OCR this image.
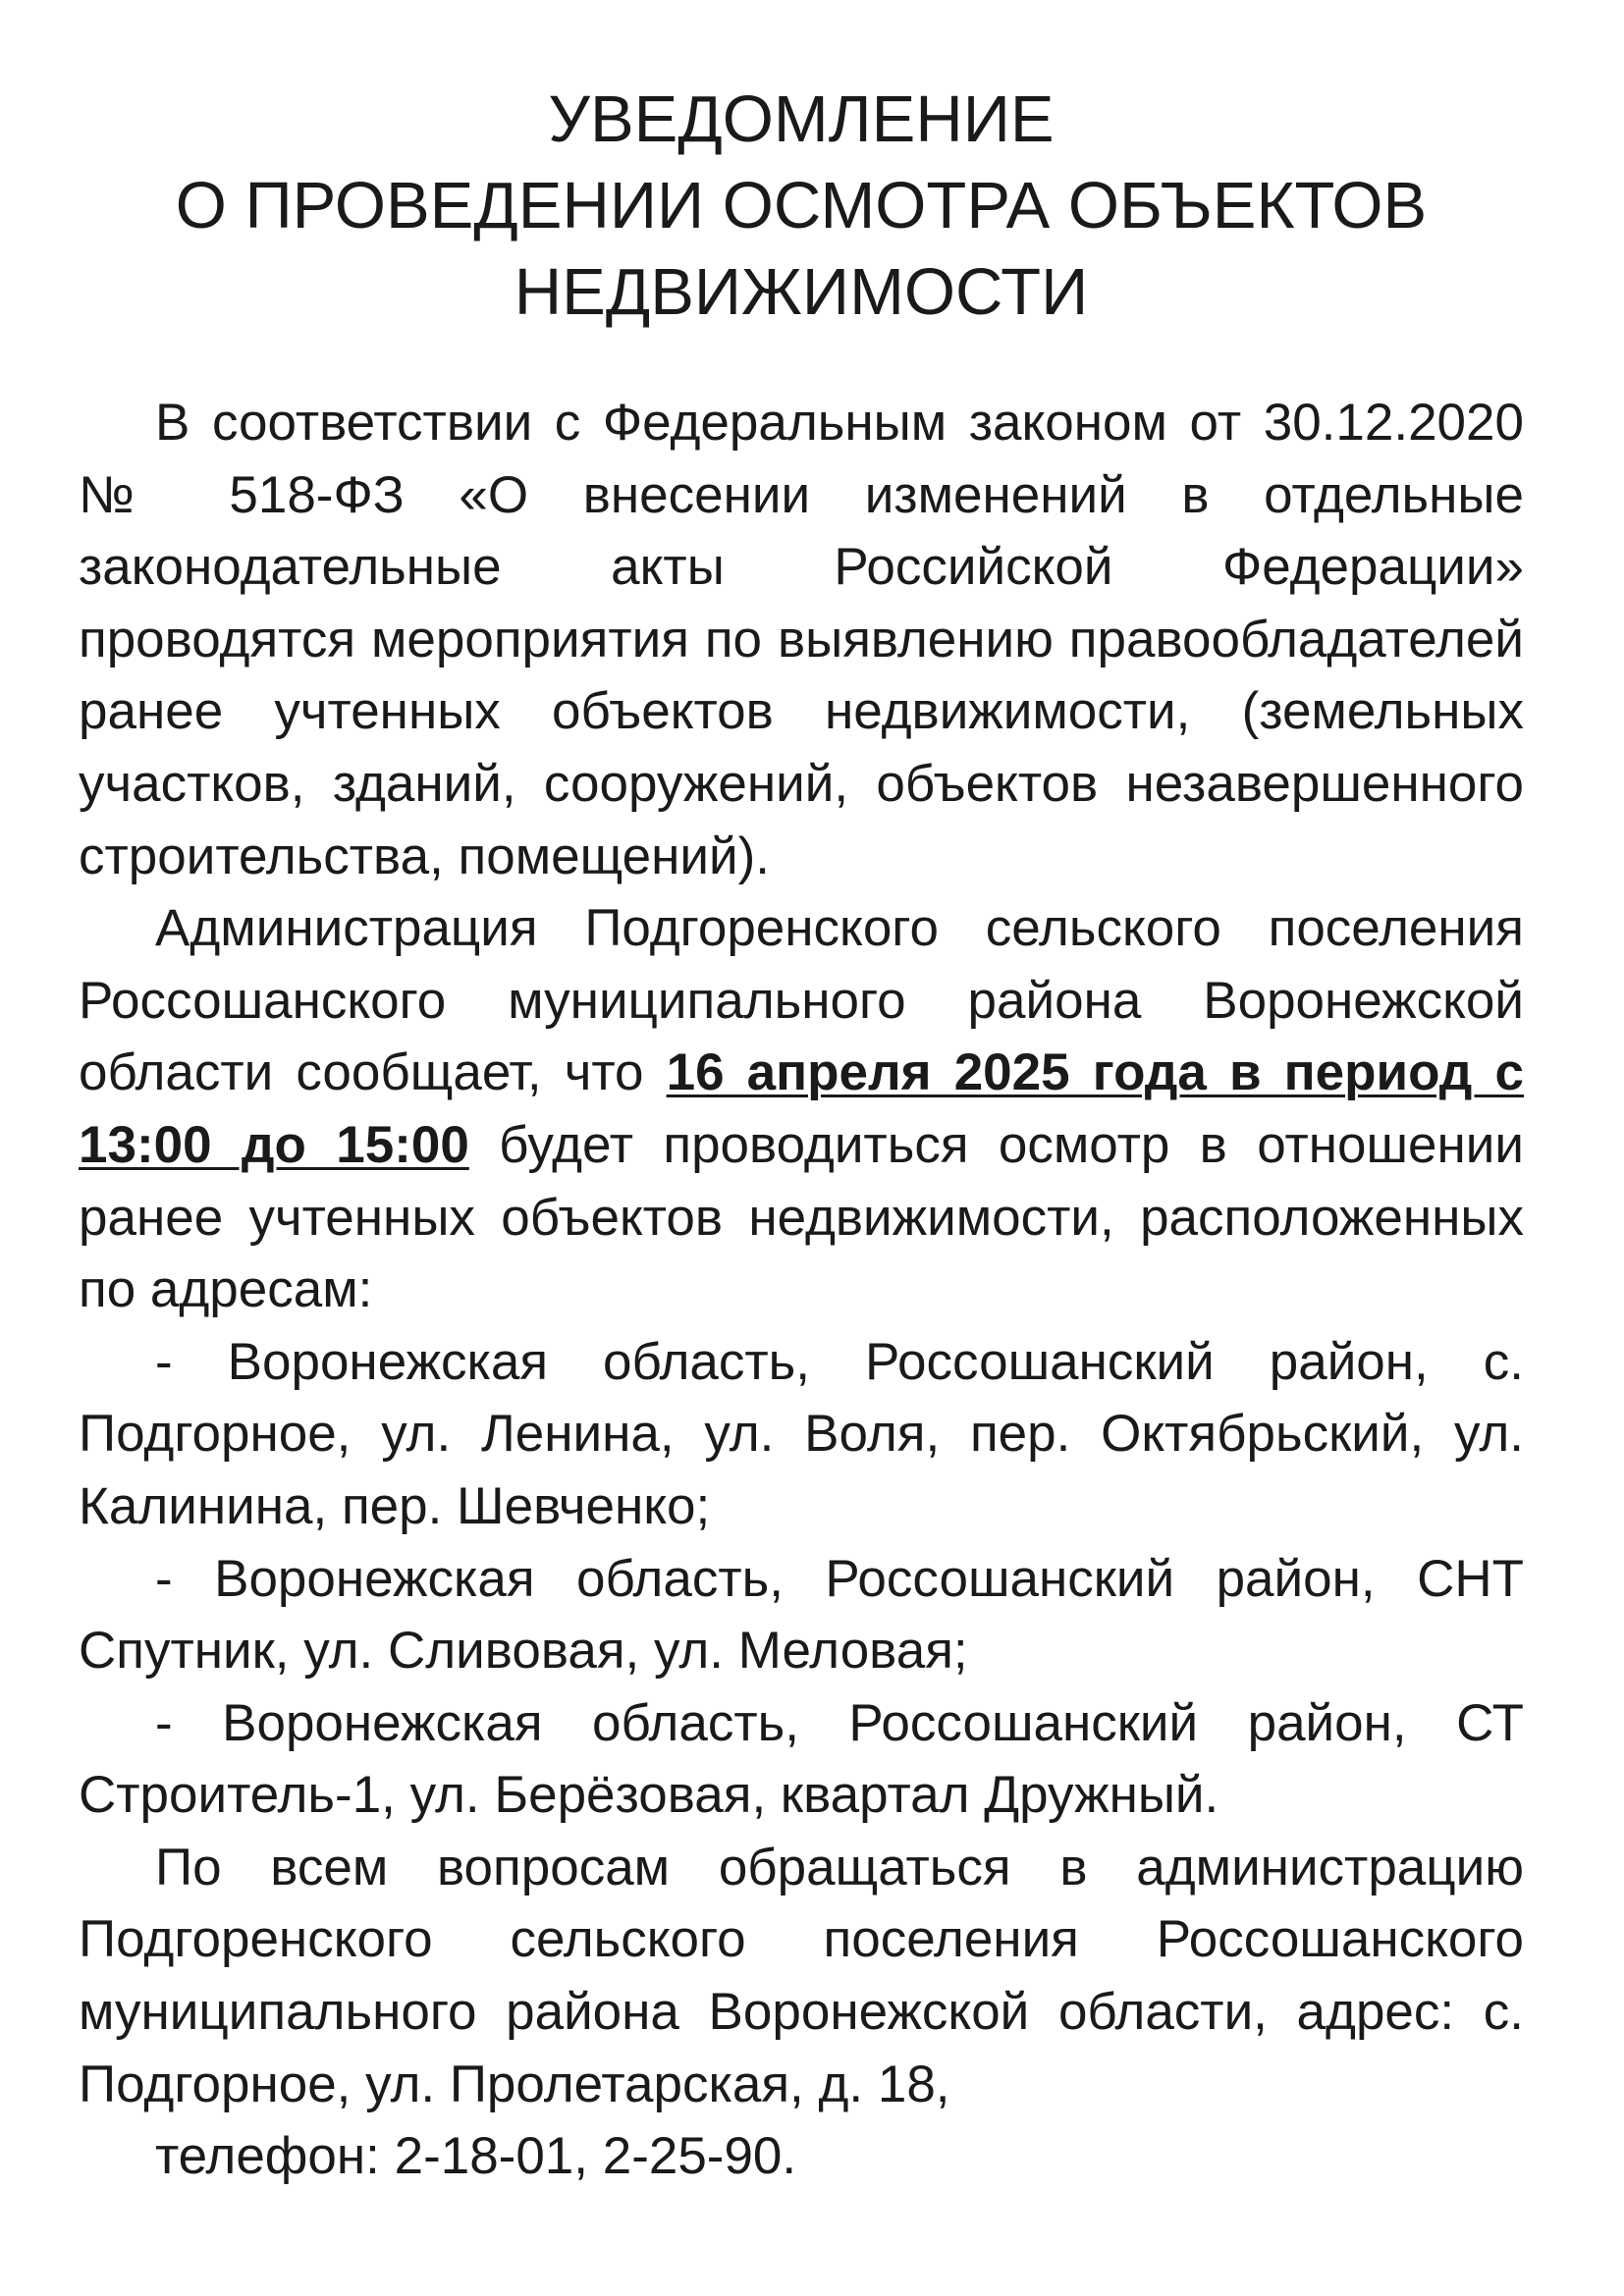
УВЕДОМЛЕНИЕ
О ПРОВЕДЕНИИ ОСМОТРА ОБЪЕКТОВ
НЕДВИЖИМОСТИ

В соответствии с Федеральным законом от 30.12.2020 № 518-ФЗ «О внесении изменений в отдельные законодательные акты Российской Федерации» проводятся мероприятия по выявлению правообладателей ранее учтенных объектов недвижимости, (земельных участков, зданий, сооружений, объектов незавершенного строительства, помещений).

Администрация Подгоренского сельского поселения Россошанского муниципального района Воронежской области сообщает, что 16 апреля 2025 года в период с 13:00 до 15:00 будет проводиться осмотр в отношении ранее учтенных объектов недвижимости, расположенных по адресам:

- Воронежская область, Россошанский район, с. Подгорное, ул. Ленина, ул. Воля, пер. Октябрьский, ул. Калинина, пер. Шевченко;

- Воронежская область, Россошанский район, СНТ Спутник, ул. Сливовая, ул. Меловая;

- Воронежская область, Россошанский район, СТ Строитель-1, ул. Берёзовая, квартал Дружный.

По всем вопросам обращаться в администрацию Подгоренского сельского поселения Россошанского муниципального района Воронежской области, адрес: с. Подгорное, ул. Пролетарская, д. 18,

телефон: 2-18-01, 2-25-90.
